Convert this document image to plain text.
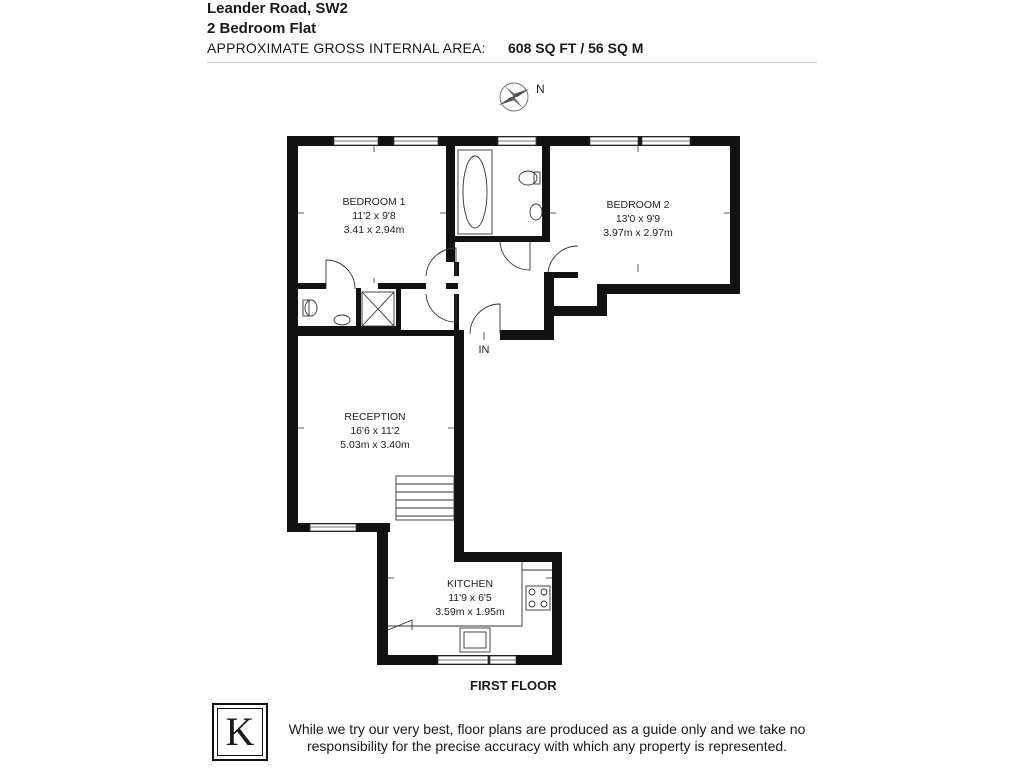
Leander Road, SW2
2 Bedroom Flat
APPROXIMATE GROSS INTERNAL AREA: 608 SQ FT / 56 SQ M
N
BEDROOM 1
11'2 x 9'8
3.41 x 2.94m
BEDROOM 2
13'0 x 9'9
3.97m x 2.97m
RECEPTION
16'6 x 11'2
5.03m x 3.40m
KITCHEN
11'9 x 6'5
3.59m x 1.95m
IN
FIRST FLOOR
K	While we try our very best, floor plans are produced as a guide only and we take no responsibility for the precise accuracy with which any property is represented.
